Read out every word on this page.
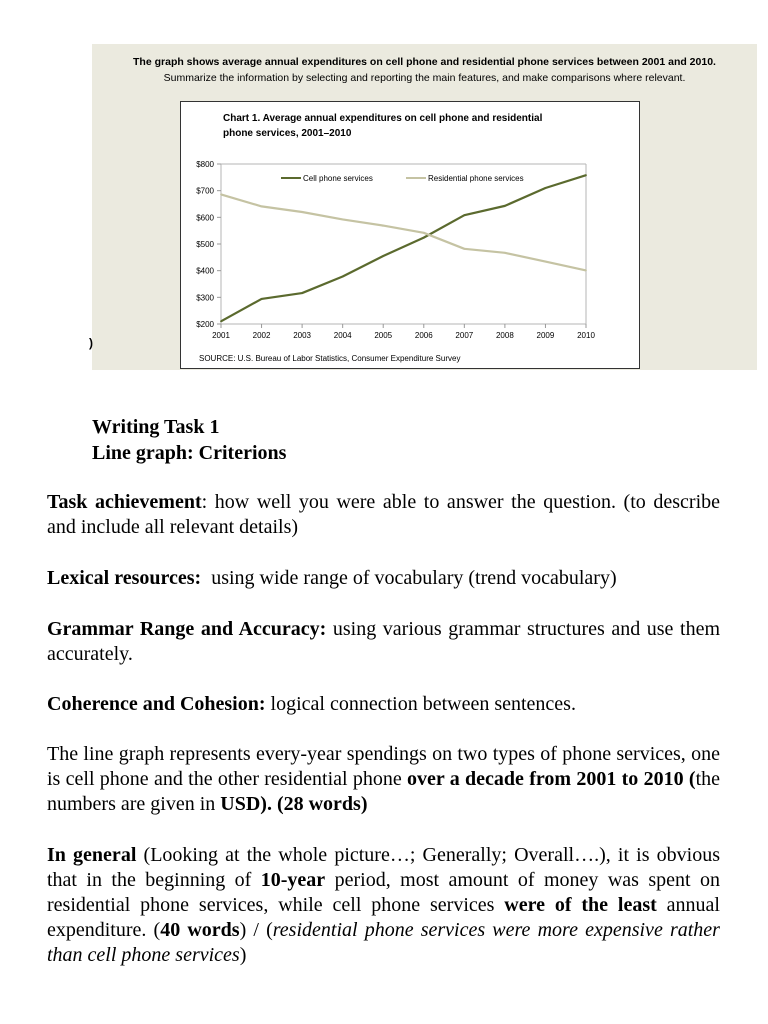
The graph shows average annual expenditures on cell phone and residential phone services between 2001 and 2010.
Summarize the information by selecting and reporting the main features, and make comparisons where relevant.
Chart 1. Average annual expenditures on cell phone and residential
phone services, 2001–2010
$200
$300
$400
$500
$600
$700
$800
2001	2002	2003	2004	2005	2006	2007	2008	2009	2010
Cell phone services	Residential phone services
SOURCE: U.S. Bureau of Labor Statistics, Consumer Expenditure Survey
)
Writing Task 1
Line graph: Criterions

Task achievement: how well you were able to answer the question. (to describe and include all relevant details)

Lexical resources:  using wide range of vocabulary (trend vocabulary)

Grammar Range and Accuracy: using various grammar structures and use them accurately.

Coherence and Cohesion: logical connection between sentences.

The line graph represents every-year spendings on two types of phone services, one is cell phone and the other residential phone over a decade from 2001 to 2010 (the numbers are given in USD). (28 words)

In general (Looking at the whole picture…; Generally; Overall….), it is obvious that in the beginning of 10-year period, most amount of money was spent on residential phone services, while cell phone services were of the least annual expenditure. (40 words) / (residential phone services were more expensive rather than cell phone services)
